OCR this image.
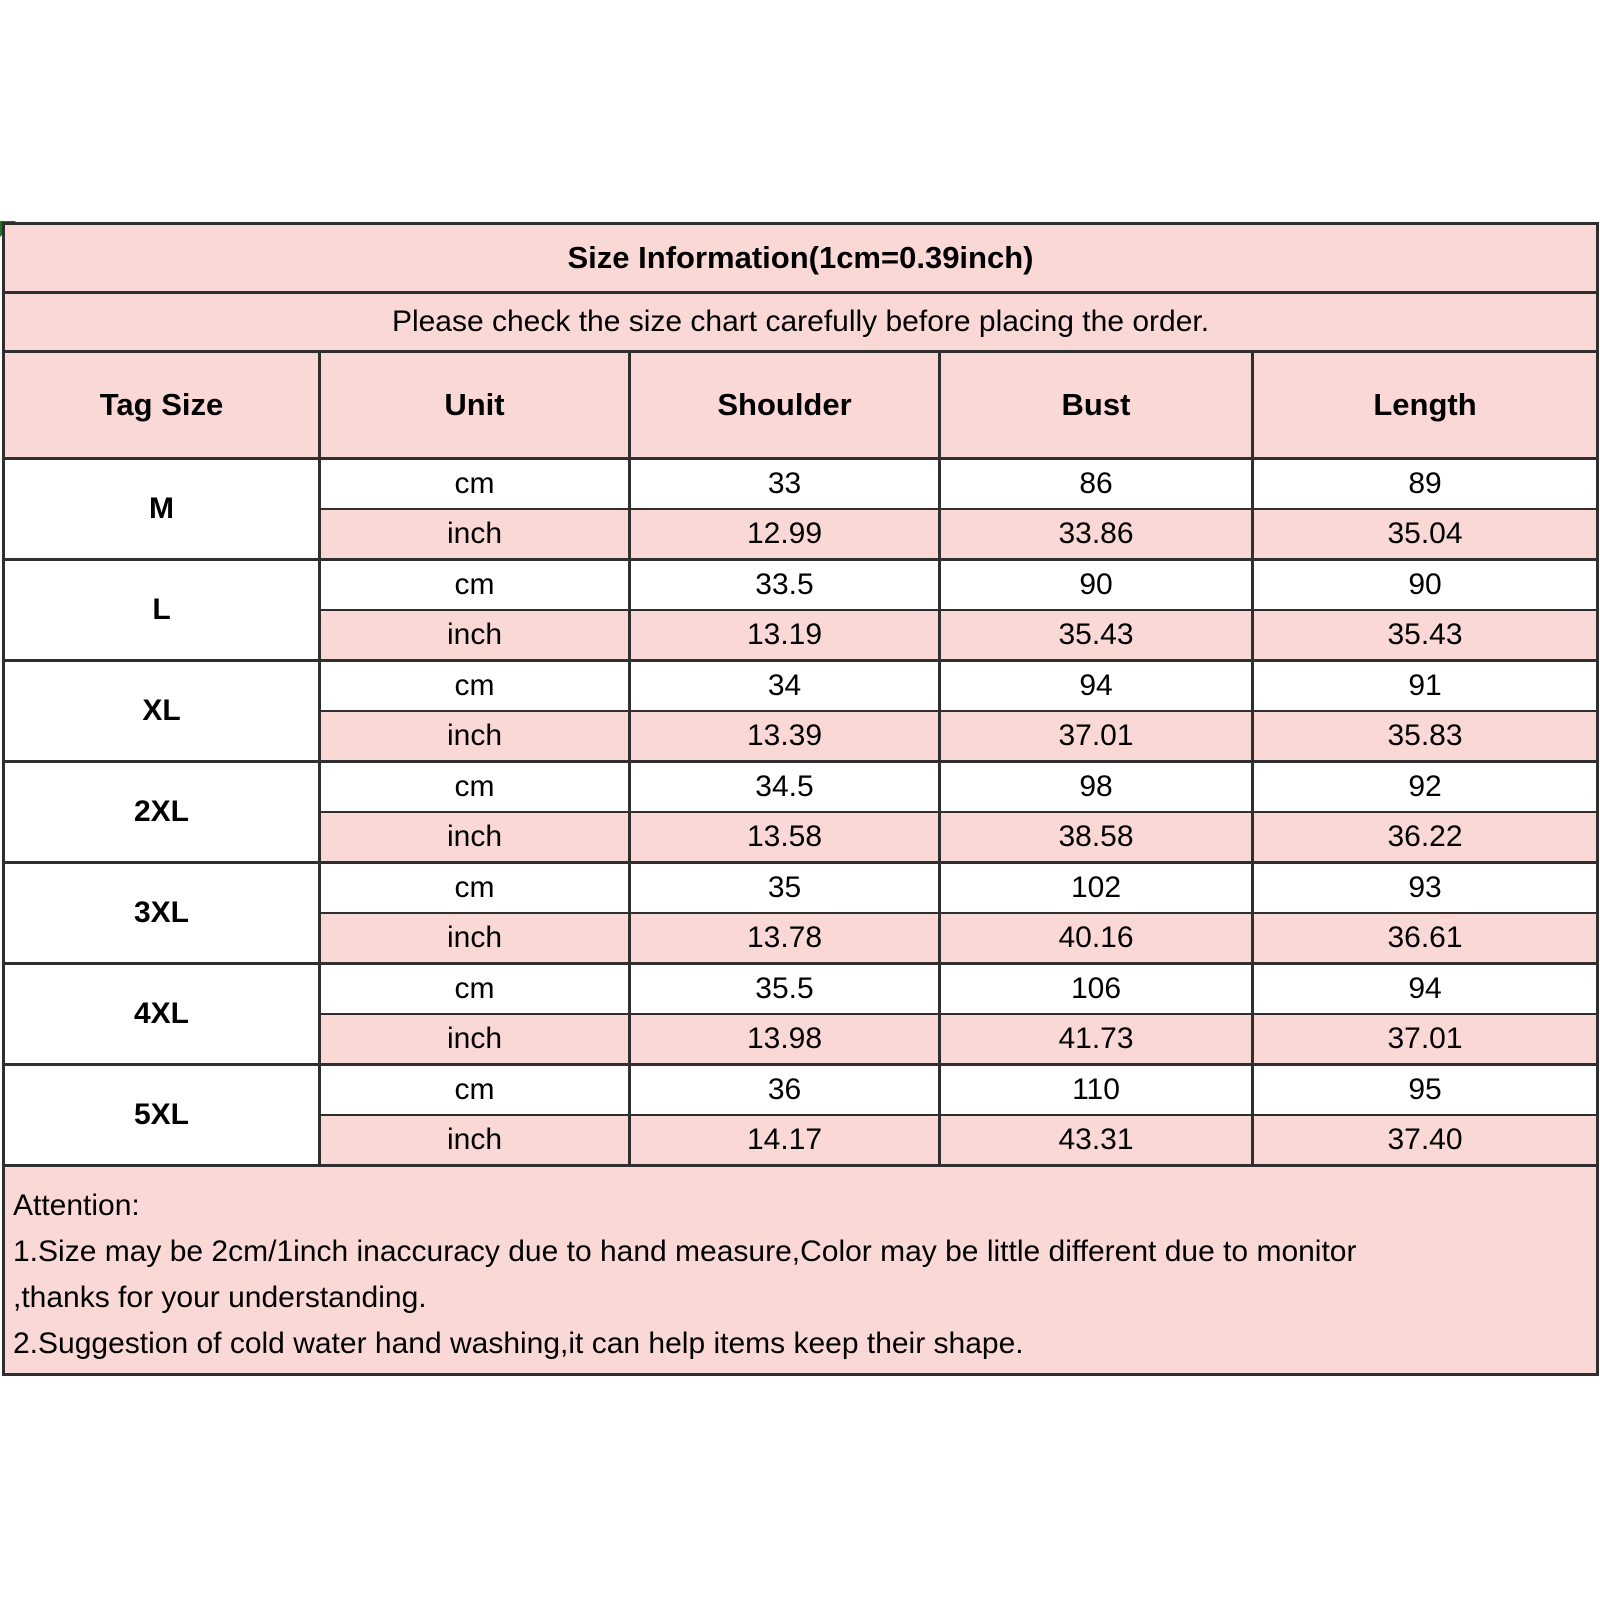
Size Information(1cm=0.39inch)				
Please check the size chart carefully before placing the order.				
Tag Size	Unit	Shoulder	Bust	Length
M	cm	33	86	89
	inch	12.99	33.86	35.04
L	cm	33.5	90	90
	inch	13.19	35.43	35.43
XL	cm	34	94	91
	inch	13.39	37.01	35.83
2XL	cm	34.5	98	92
	inch	13.58	38.58	36.22
3XL	cm	35	102	93
	inch	13.78	40.16	36.61
4XL	cm	35.5	106	94
	inch	13.98	41.73	37.01
5XL	cm	36	110	95
	inch	14.17	43.31	37.40

Attention:
1.Size may be 2cm/1inch inaccuracy due to hand measure,Color may be little different due to monitor
,thanks for your understanding.
2.Suggestion of cold water hand washing,it can help items keep their shape.				
